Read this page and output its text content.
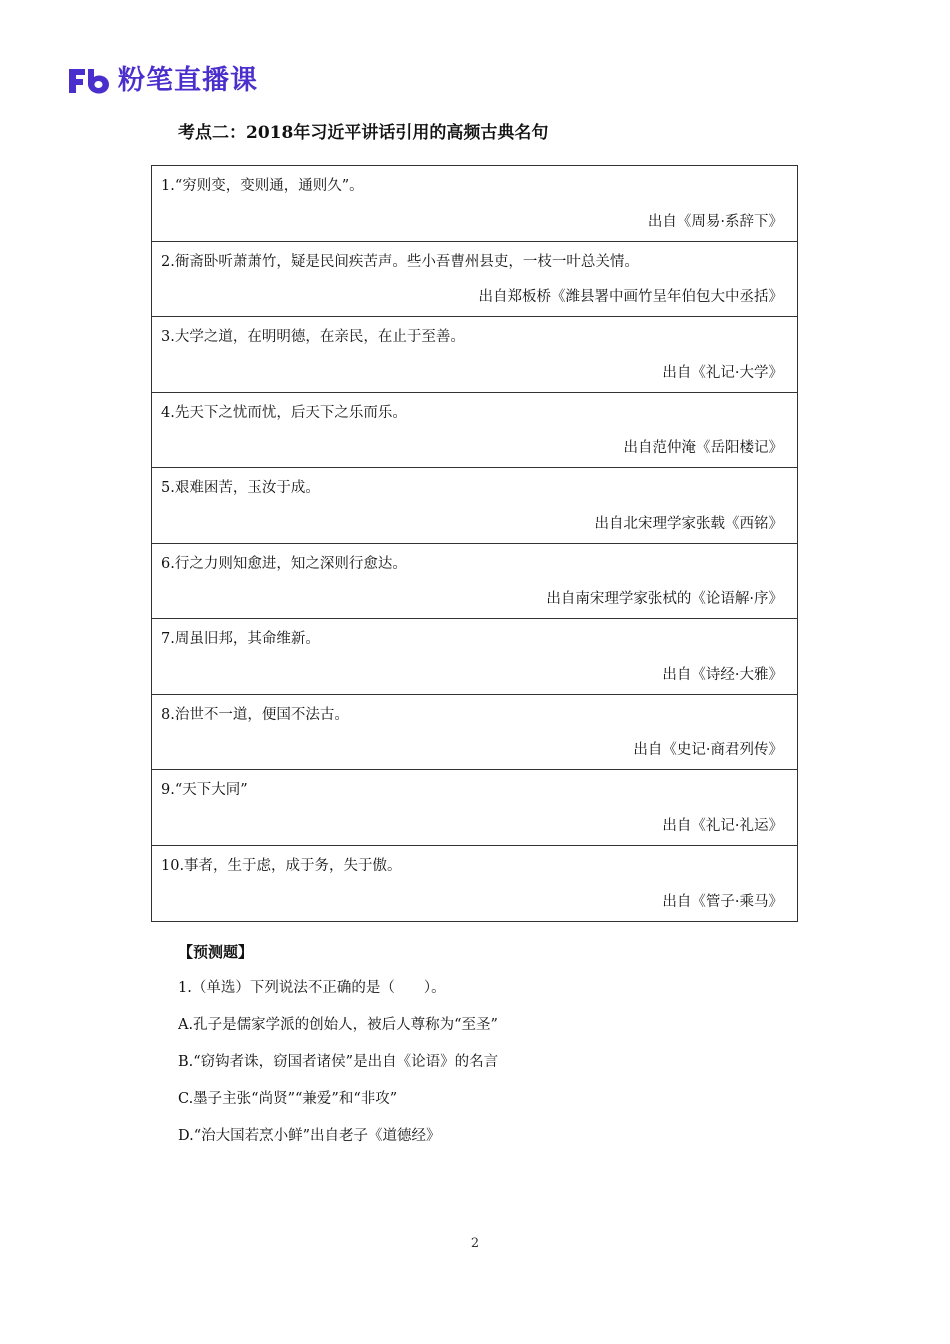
粉笔直播课
考点二：2018年习近平讲话引用的高频古典名句
1.“穷则变，变则通，通则久”。
出自《周易·系辞下》
2.衙斋卧听萧萧竹，疑是民间疾苦声。些小吾曹州县吏，一枝一叶总关情。
出自郑板桥《潍县署中画竹呈年伯包大中丞括》
3.大学之道，在明明德，在亲民，在止于至善。
出自《礼记·大学》
4.先天下之忧而忧，后天下之乐而乐。
出自范仲淹《岳阳楼记》
5.艰难困苦，玉汝于成。
出自北宋理学家张载《西铭》
6.行之力则知愈进，知之深则行愈达。
出自南宋理学家张栻的《论语解·序》
7.周虽旧邦，其命维新。
出自《诗经·大雅》
8.治世不一道，便国不法古。
出自《史记·商君列传》
9.“天下大同”
出自《礼记·礼运》
10.事者，生于虑，成于务，失于傲。
出自《管子·乘马》
【预测题】
1.（单选）下列说法不正确的是（　　）。
A.孔子是儒家学派的创始人，被后人尊称为“至圣”
B.“窃钩者诛，窃国者诸侯”是出自《论语》的名言
C.墨子主张“尚贤”“兼爱”和“非攻”
D.“治大国若烹小鲜”出自老子《道德经》
2
